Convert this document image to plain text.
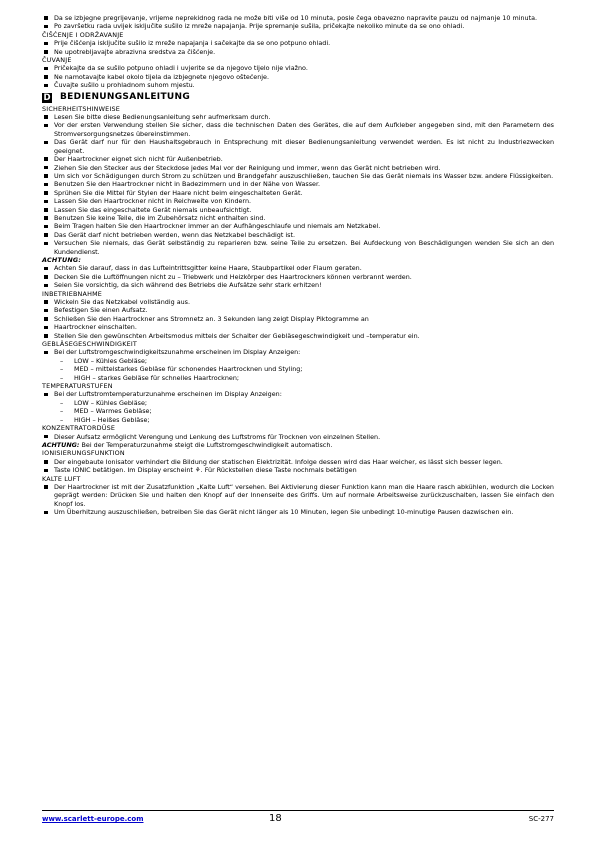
Da se izbjegne pregrijevanje, vrijeme neprekidnog rada ne može biti više od 10 minuta, posle čega obavezno napravite pauzu od najmanje 10 minuta.
Po završetku rada uvijek isključite sušilo iz mreže napajanja. Prije spremanje sušila, pričekajte nekoliko minute da se ono ohladi.
ČIŠĆENJE I ODRŽAVANJE
Prije čišćenja isključite sušilo iz mreže napajanja i sačekajte da se ono potpuno ohladi.
Ne upotrebljavajte abrazivna sredstva za čišćenje.
ČUVANJE
Pričekajte da se sušilo potpuno ohladi i uvjerite se da njegovo tijelo nije vlažno.
Ne namotavajte kabel okolo tijela da izbjegnete njegovo oštećenje.
Čuvajte sušilo u prohladnom suhom mjestu.
D BEDIENUNGSANLEITUNG
SICHERHEITSHINWEISE
Lesen Sie bitte diese Bedienungsanleitung sehr aufmerksam durch.
Vor der ersten Verwendung stellen Sie sicher, dass die technischen Daten des Gerätes, die auf dem Aufkleber angegeben sind, mit den Parametern des Stromversorgungsnetzes übereinstimmen.
Das Gerät darf nur für den Haushaltsgebrauch in Entsprechung mit dieser Bedienungsanleitung verwendet werden. Es ist nicht zu Industriezwecken geeignet.
Der Haartrockner eignet sich nicht für Außenbetrieb.
Ziehen Sie den Stecker aus der Steckdose jedes Mal vor der Reinigung und immer, wenn das Gerät nicht betrieben wird.
Um sich vor Schädigungen durch Strom zu schützen und Brandgefahr auszuschließen, tauchen Sie das Gerät niemals ins Wasser bzw. andere Flüssigkeiten.
Benutzen Sie den Haartrockner nicht in Badezimmern und in der Nähe von Wasser.
Sprühen Sie die Mittel für Stylen der Haare nicht beim eingeschalteten Gerät.
Lassen Sie den Haartrockner nicht in Reichweite von Kindern.
Lassen Sie das eingeschaltete Gerät niemals unbeaufsichtigt.
Benutzen Sie keine Teile, die im Zubehörsatz nicht enthalten sind.
Beim Tragen halten Sie den Haartrockner immer an der Aufhängeschlaufe und niemals am Netzkabel.
Das Gerät darf nicht betrieben werden, wenn das Netzkabel beschädigt ist.
Versuchen Sie niemals, das Gerät selbständig zu reparieren bzw. seine Teile zu ersetzen. Bei Aufdeckung von Beschädigungen wenden Sie sich an den Kundendienst.
ACHTUNG:
Achten Sie darauf, dass in das Lufteintrittsgitter keine Haare, Staubpartikel oder Flaum geraten.
Decken Sie die Luftöffnungen nicht zu – Triebwerk und Heizkörper des Haartrockners können verbrannt werden.
Seien Sie vorsichtig, da sich während des Betriebs die Aufsätze sehr stark erhitzen!
INBETRIEBNAHME
Wickeln Sie das Netzkabel vollständig aus.
Befestigen Sie einen Aufsatz.
Schließen Sie den Haartrockner ans Stromnetz an. 3 Sekunden lang zeigt Display Piktogramme an
Haartrockner einschalten.
Stellen Sie den gewünschten Arbeitsmodus mittels der Schalter der Gebläsegeschwindigkeit und –temperatur ein.
GEBLÄSEGESCHWINDIGKEIT
Bei der Luftstromgeschwindigkeitszunahme erscheinen im Display Anzeigen:
– LOW – Kühles Gebläse;
– MED – mittelstarkes Gebläse für schonendes Haartrocknen und Styling;
– HIGH – starkes Gebläse für schnelles Haartrocknen;
TEMPERATURSTUFEN
Bei der Luftstromtemperaturzunahme erscheinen im Display Anzeigen:
– LOW – Kühles Gebläse;
– MED – Warmes Gebläse;
– HIGH – Heißes Gebläse;
KONZENTRATORDÜSE
Dieser Aufsatz ermöglicht Verengung und Lenkung des Luftstroms für Trocknen von einzelnen Stellen.
ACHTUNG: Bei der Temperaturzunahme steigt die Luftstromgeschwindigkeit automatisch.
IONISIERUNGSFUNKTION
Der eingebaute Ionisator verhindert die Bildung der statischen Elektrizität. Infolge dessen wird das Haar weicher, es lässt sich besser legen.
Taste IONIC betätigen. Im Display erscheint ⚘. Für Rückstellen diese Taste nochmals betätigen
KALTE LUFT
Der Haartrockner ist mit der Zusatzfunktion „Kalte Luft“ versehen. Bei Aktivierung dieser Funktion kann man die Haare rasch abkühlen, wodurch die Locken geprägt werden: Drücken Sie und halten den Knopf auf der Innenseite des Griffs. Um auf normale Arbeitsweise zurückzuschalten, lassen Sie einfach den Knopf los.
Um Überhitzung auszuschließen, betreiben Sie das Gerät nicht länger als 10 Minuten, legen Sie unbedingt 10-minutige Pausen dazwischen ein.
www.scarlett-europe.com	18	SC-277
